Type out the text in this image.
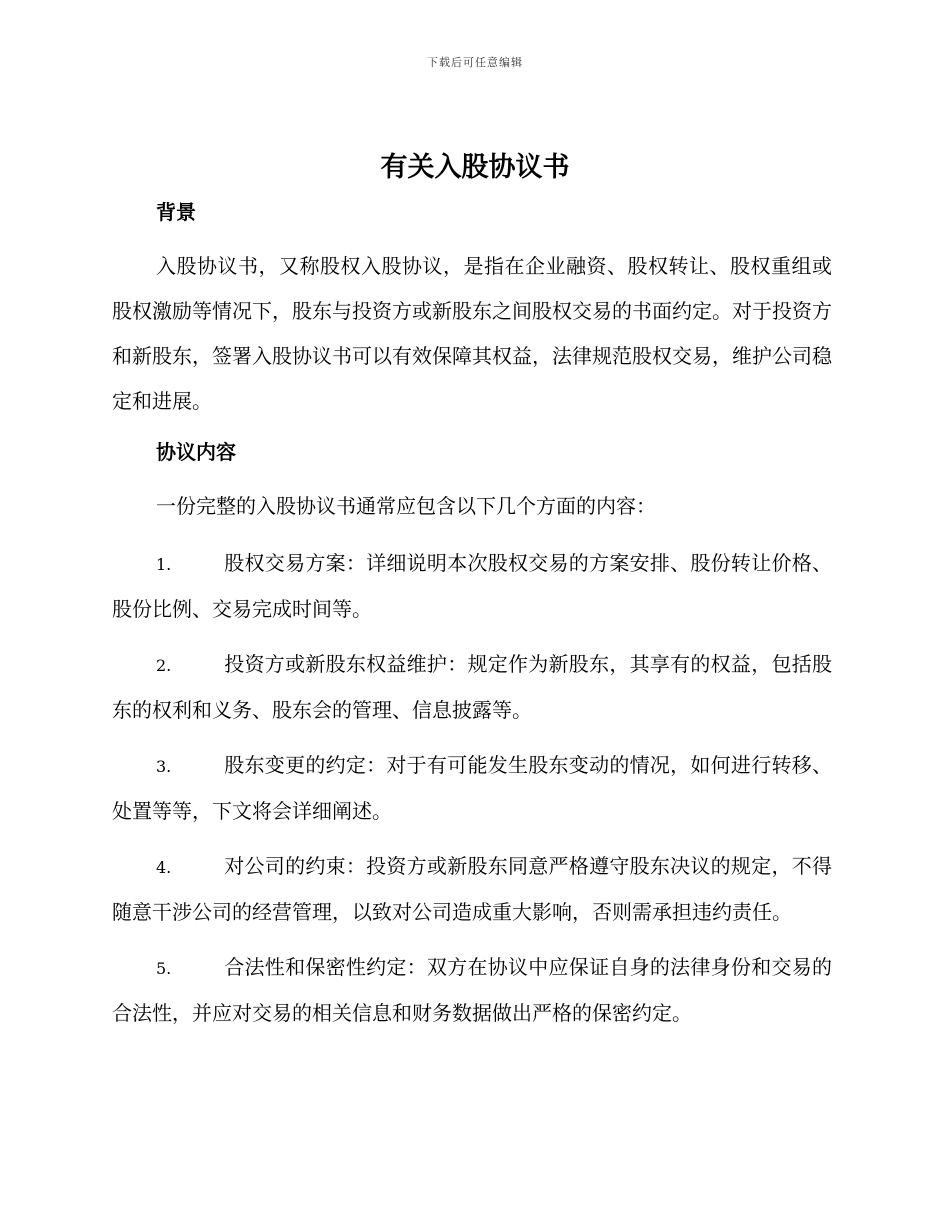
下载后可任意编辑
有关入股协议书
背景
入股协议书，又称股权入股协议，是指在企业融资、股权转让、股权重组或股权激励等情况下，股东与投资方或新股东之间股权交易的书面约定。对于投资方和新股东，签署入股协议书可以有效保障其权益，法律规范股权交易，维护公司稳定和进展。
协议内容
一份完整的入股协议书通常应包含以下几个方面的内容：
1.	股权交易方案：详细说明本次股权交易的方案安排、股份转让价格、股份比例、交易完成时间等。
2.	投资方或新股东权益维护：规定作为新股东，其享有的权益，包括股东的权利和义务、股东会的管理、信息披露等。
3.	股东变更的约定：对于有可能发生股东变动的情况，如何进行转移、处置等等，下文将会详细阐述。
4.	对公司的约束：投资方或新股东同意严格遵守股东决议的规定，不得随意干涉公司的经营管理，以致对公司造成重大影响，否则需承担违约责任。
5.	合法性和保密性约定：双方在协议中应保证自身的法律身份和交易的合法性，并应对交易的相关信息和财务数据做出严格的保密约定。
